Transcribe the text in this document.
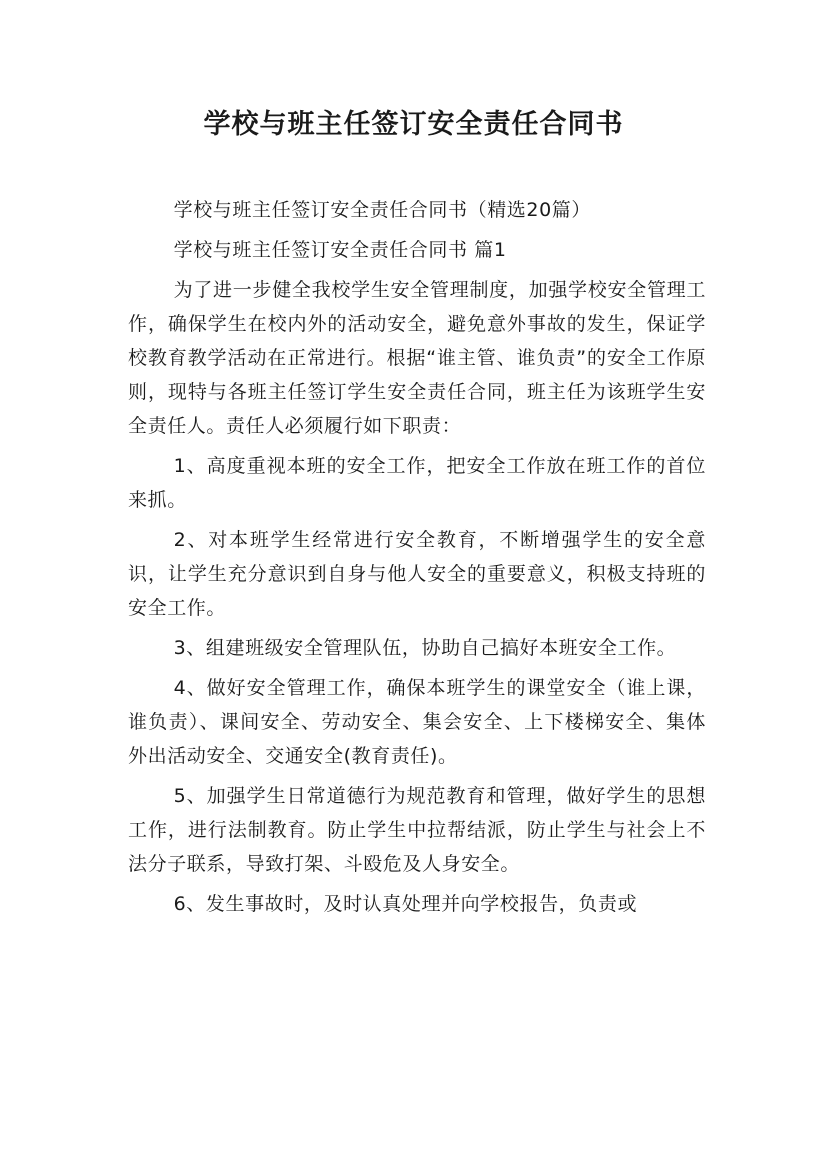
学校与班主任签订安全责任合同书

学校与班主任签订安全责任合同书（精选20篇）

学校与班主任签订安全责任合同书 篇1

为了进一步健全我校学生安全管理制度，加强学校安全管理工作，确保学生在校内外的活动安全，避免意外事故的发生，保证学校教育教学活动在正常进行。根据“谁主管、谁负责”的安全工作原则，现特与各班主任签订学生安全责任合同，班主任为该班学生安全责任人。责任人必须履行如下职责：

1、高度重视本班的安全工作，把安全工作放在班工作的首位来抓。

2、对本班学生经常进行安全教育，不断增强学生的安全意识，让学生充分意识到自身与他人安全的重要意义，积极支持班的安全工作。

3、组建班级安全管理队伍，协助自己搞好本班安全工作。

4、做好安全管理工作，确保本班学生的课堂安全（谁上课，谁负责）、课间安全、劳动安全、集会安全、上下楼梯安全、集体外出活动安全、交通安全(教育责任)。

5、加强学生日常道德行为规范教育和管理，做好学生的思想工作，进行法制教育。防止学生中拉帮结派，防止学生与社会上不法分子联系，导致打架、斗殴危及人身安全。

6、发生事故时，及时认真处理并向学校报告，负责或
